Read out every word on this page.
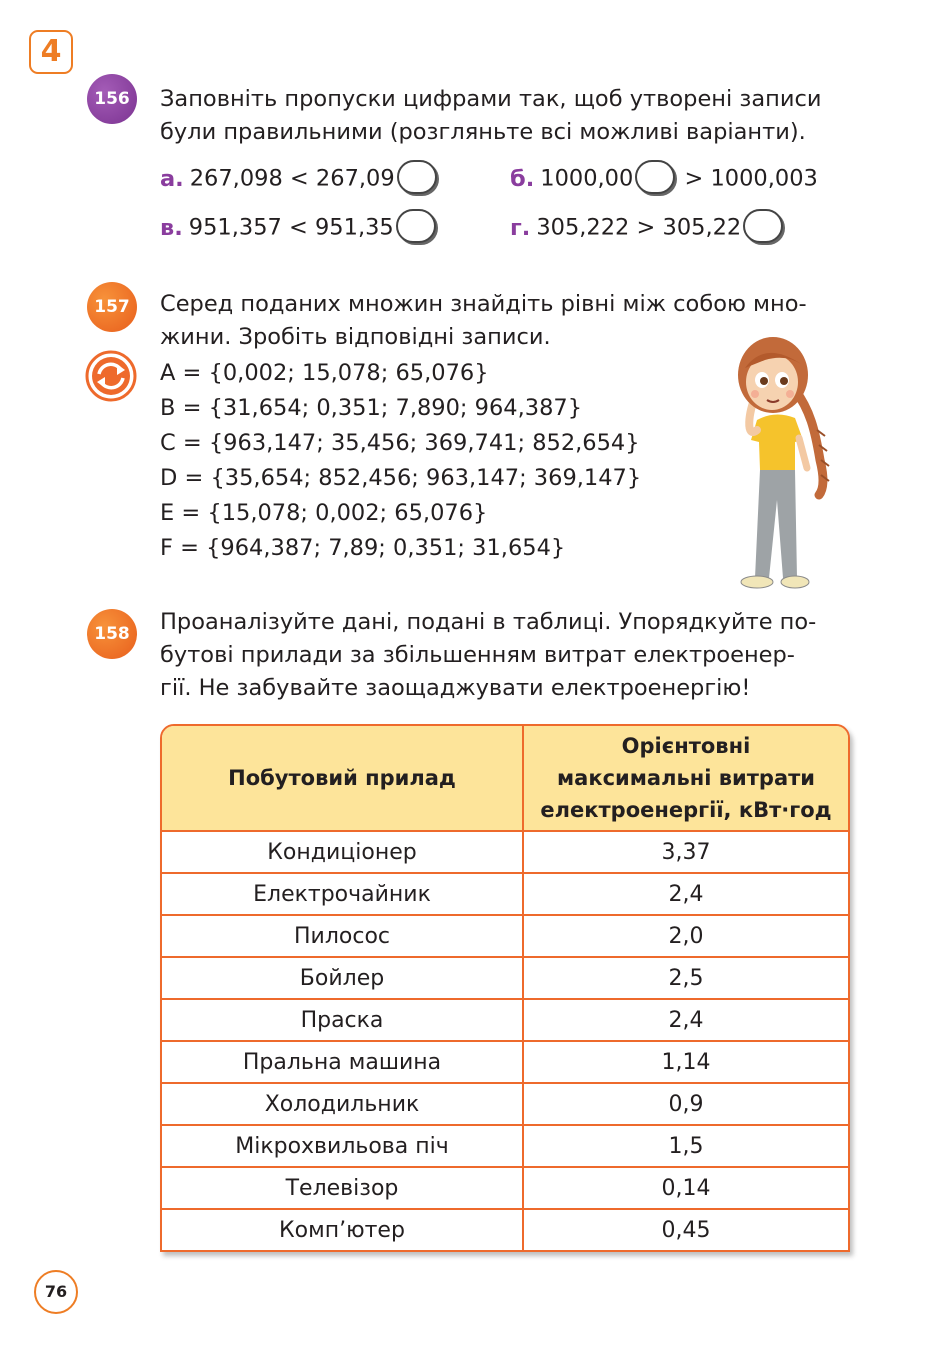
4
156	Заповніть пропуски цифрами так, щоб утворені записи
були правильними (розгляньте всі можливі варіанти).
а. 267,098 < 267,09	б. 1000,00 > 1000,003
в. 951,357 < 951,35	г. 305,222 > 305,22
157	Серед поданих множин знайдіть рівні між собою мно-
жини. Зробіть відповідні записи.
A = {0,002; 15,078; 65,076}
B = {31,654; 0,351; 7,890; 964,387}
C = {963,147; 35,456; 369,741; 852,654}
D = {35,654; 852,456; 963,147; 369,147}
E = {15,078; 0,002; 65,076}
F = {964,387; 7,89; 0,351; 31,654}
158	Проаналізуйте дані, подані в таблиці. Упорядкуйте по-
бутові прилади за збільшенням витрат електроенер-
гії. Не забувайте заощаджувати електроенергію!
Побутовий прилад	Орієнтовні
максимальні витрати
електроенергії, кВт·год

Кондиціонер	3,37
Електрочайник	2,4
Пилосос	2,0
Бойлер	2,5
Праска	2,4
Пральна машина	1,14
Холодильник	0,9
Мікрохвильова піч	1,5
Телевізор	0,14
Комп’ютер	0,45
76
